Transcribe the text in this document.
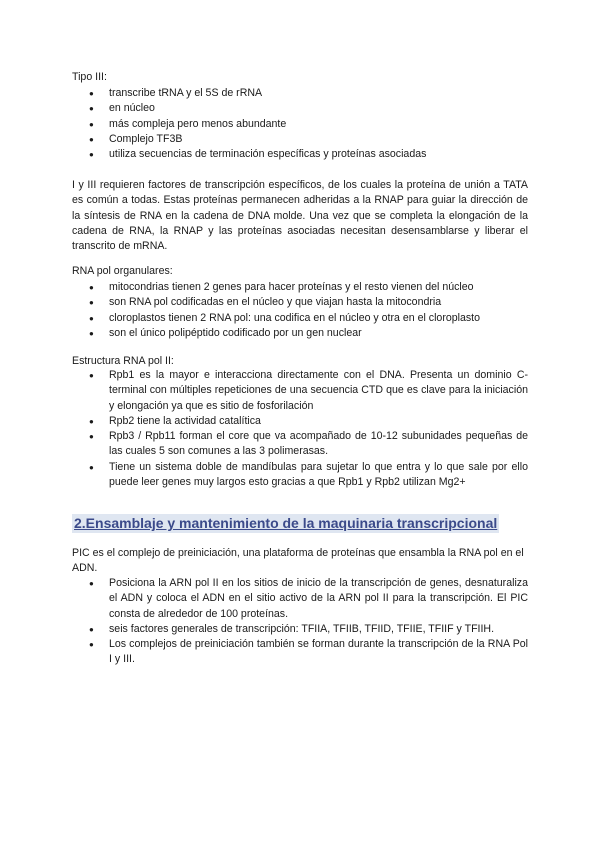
Tipo III:

● transcribe tRNA y el 5S de rRNA
● en núcleo
● más compleja pero menos abundante
● Complejo TF3B
● utiliza secuencias de terminación específicas y proteínas asociadas

I y III requieren factores de transcripción específicos, de los cuales la proteína de unión a TATA es común a todas. Estas proteínas permanecen adheridas a la RNAP para guiar la dirección de la síntesis de RNA en la cadena de DNA molde. Una vez que se completa la elongación de la cadena de RNA, la RNAP y las proteínas asociadas necesitan desensamblarse y liberar el transcrito de mRNA.

RNA pol organulares:

● mitocondrias tienen 2 genes para hacer proteínas y el resto vienen del núcleo
● son RNA pol codificadas en el núcleo y que viajan hasta la mitocondria
● cloroplastos tienen 2 RNA pol: una codifica en el núcleo y otra en el cloroplasto
● son el único polipéptido codificado por un gen nuclear

Estructura RNA pol II:

● Rpb1 es la mayor e interacciona directamente con el DNA. Presenta un dominio C-terminal con múltiples repeticiones de una secuencia CTD que es clave para la iniciación y elongación ya que es sitio de fosforilación
● Rpb2 tiene la actividad catalítica
● Rpb3 / Rpb11 forman el core que va acompañado de 10-12 subunidades pequeñas de las cuales 5 son comunes a las 3 polimerasas.
● Tiene un sistema doble de mandíbulas para sujetar lo que entra y lo que sale por ello puede leer genes muy largos esto gracias a que Rpb1 y Rpb2 utilizan Mg2+
2.Ensamblaje y mantenimiento de la maquinaria transcripcional

PIC es el complejo de preiniciación, una plataforma de proteínas que ensambla la RNA pol en el ADN.

● Posiciona la ARN pol II en los sitios de inicio de la transcripción de genes, desnaturaliza el ADN y coloca el ADN en el sitio activo de la ARN pol II para la transcripción. El PIC consta de alrededor de 100 proteínas.
● seis factores generales de transcripción: TFIIA, TFIIB, TFIID, TFIIE, TFIIF y TFIIH.
● Los complejos de preiniciación también se forman durante la transcripción de la RNA Pol I y III.
